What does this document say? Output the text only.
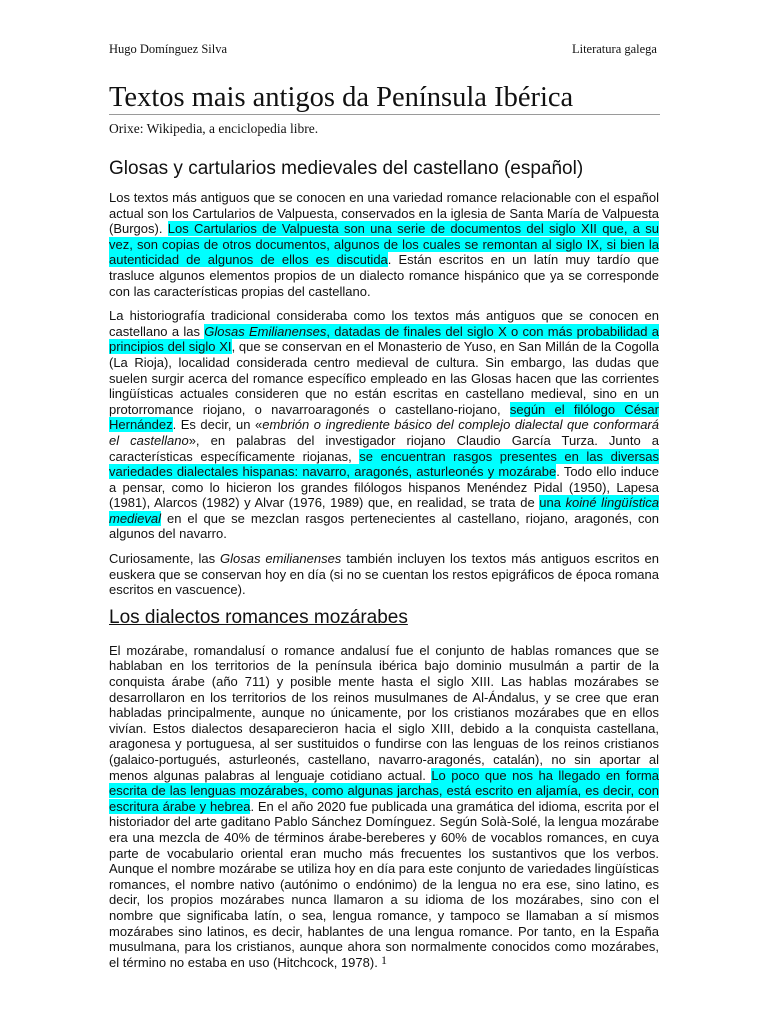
Hugo Domínguez Silva	Literatura galega
Textos mais antigos da Península Ibérica
Orixe: Wikipedia, a enciclopedia libre.
Glosas y cartularios medievales del castellano (español)

Los textos más antiguos que se conocen en una variedad romance relacionable con el español actual son los Cartularios de Valpuesta, conservados en la iglesia de Santa María de Valpuesta (Burgos). Los Cartularios de Valpuesta son una serie de documentos del siglo XII que, a su vez, son copias de otros documentos, algunos de los cuales se remontan al siglo IX, si bien la autenticidad de algunos de ellos es discutida. Están escritos en un latín muy tardío que trasluce algunos elementos propios de un dialecto romance hispánico que ya se corresponde con las características propias del castellano.

La historiografía tradicional consideraba como los textos más antiguos que se conocen en castellano a las Glosas Emilianenses, datadas de finales del siglo X o con más probabilidad a principios del siglo XI, que se conservan en el Monasterio de Yuso, en San Millán de la Cogolla (La Rioja), localidad considerada centro medieval de cultura. Sin embargo, las dudas que suelen surgir acerca del romance específico empleado en las Glosas hacen que las corrientes lingüísticas actuales consideren que no están escritas en castellano medieval, sino en un protorromance riojano, o navarroaragonés o castellano-riojano, según el filólogo César Hernández. Es decir, un «embrión o ingrediente básico del complejo dialectal que conformará el castellano», en palabras del investigador riojano Claudio García Turza. Junto a características específicamente riojanas, se encuentran rasgos presentes en las diversas variedades dialectales hispanas: navarro, aragonés, asturleonés y mozárabe. Todo ello induce a pensar, como lo hicieron los grandes filólogos hispanos Menéndez Pidal (1950), Lapesa (1981), Alarcos (1982) y Alvar (1976, 1989) que, en realidad, se trata de una koiné lingüística medieval en el que se mezclan rasgos pertenecientes al castellano, riojano, aragonés, con algunos del navarro.

Curiosamente, las Glosas emilianenses también incluyen los textos más antiguos escritos en euskera que se conservan hoy en día (si no se cuentan los restos epigráficos de época romana escritos en vascuence).

Los dialectos romances mozárabes

El mozárabe, romandalusí o romance andalusí fue el conjunto de hablas romances que se hablaban en los territorios de la península ibérica bajo dominio musulmán a partir de la conquista árabe (año 711) y posible mente hasta el siglo XIII. Las hablas mozárabes se desarrollaron en los territorios de los reinos musulmanes de Al-Ándalus, y se cree que eran habladas principalmente, aunque no únicamente, por los cristianos mozárabes que en ellos vivían. Estos dialectos desaparecieron hacia el siglo XIII, debido a la conquista castellana, aragonesa y portuguesa, al ser sustituidos o fundirse con las lenguas de los reinos cristianos (galaico-portugués, asturleonés, castellano, navarro-aragonés, catalán), no sin aportar al menos algunas palabras al lenguaje cotidiano actual. Lo poco que nos ha llegado en forma escrita de las lenguas mozárabes, como algunas jarchas, está escrito en aljamía, es decir, con escritura árabe y hebrea. En el año 2020 fue publicada una gramática del idioma, escrita por el historiador del arte gaditano Pablo Sánchez Domínguez. Según Solà-Solé, la lengua mozárabe era una mezcla de 40% de términos árabe-bereberes y 60% de vocablos romances, en cuya parte de vocabulario oriental eran mucho más frecuentes los sustantivos que los verbos. Aunque el nombre mozárabe se utiliza hoy en día para este conjunto de variedades lingüísticas romances, el nombre nativo (autónimo o endónimo) de la lengua no era ese, sino latino, es decir, los propios mozárabes nunca llamaron a su idioma de los mozárabes, sino con el nombre que significaba latín, o sea, lengua romance, y tampoco se llamaban a sí mismos mozárabes sino latinos, es decir, hablantes de una lengua romance. Por tanto, en la España musulmana, para los cristianos, aunque ahora son normalmente conocidos como mozárabes, el término no estaba en uso (Hitchcock, 1978). 1
